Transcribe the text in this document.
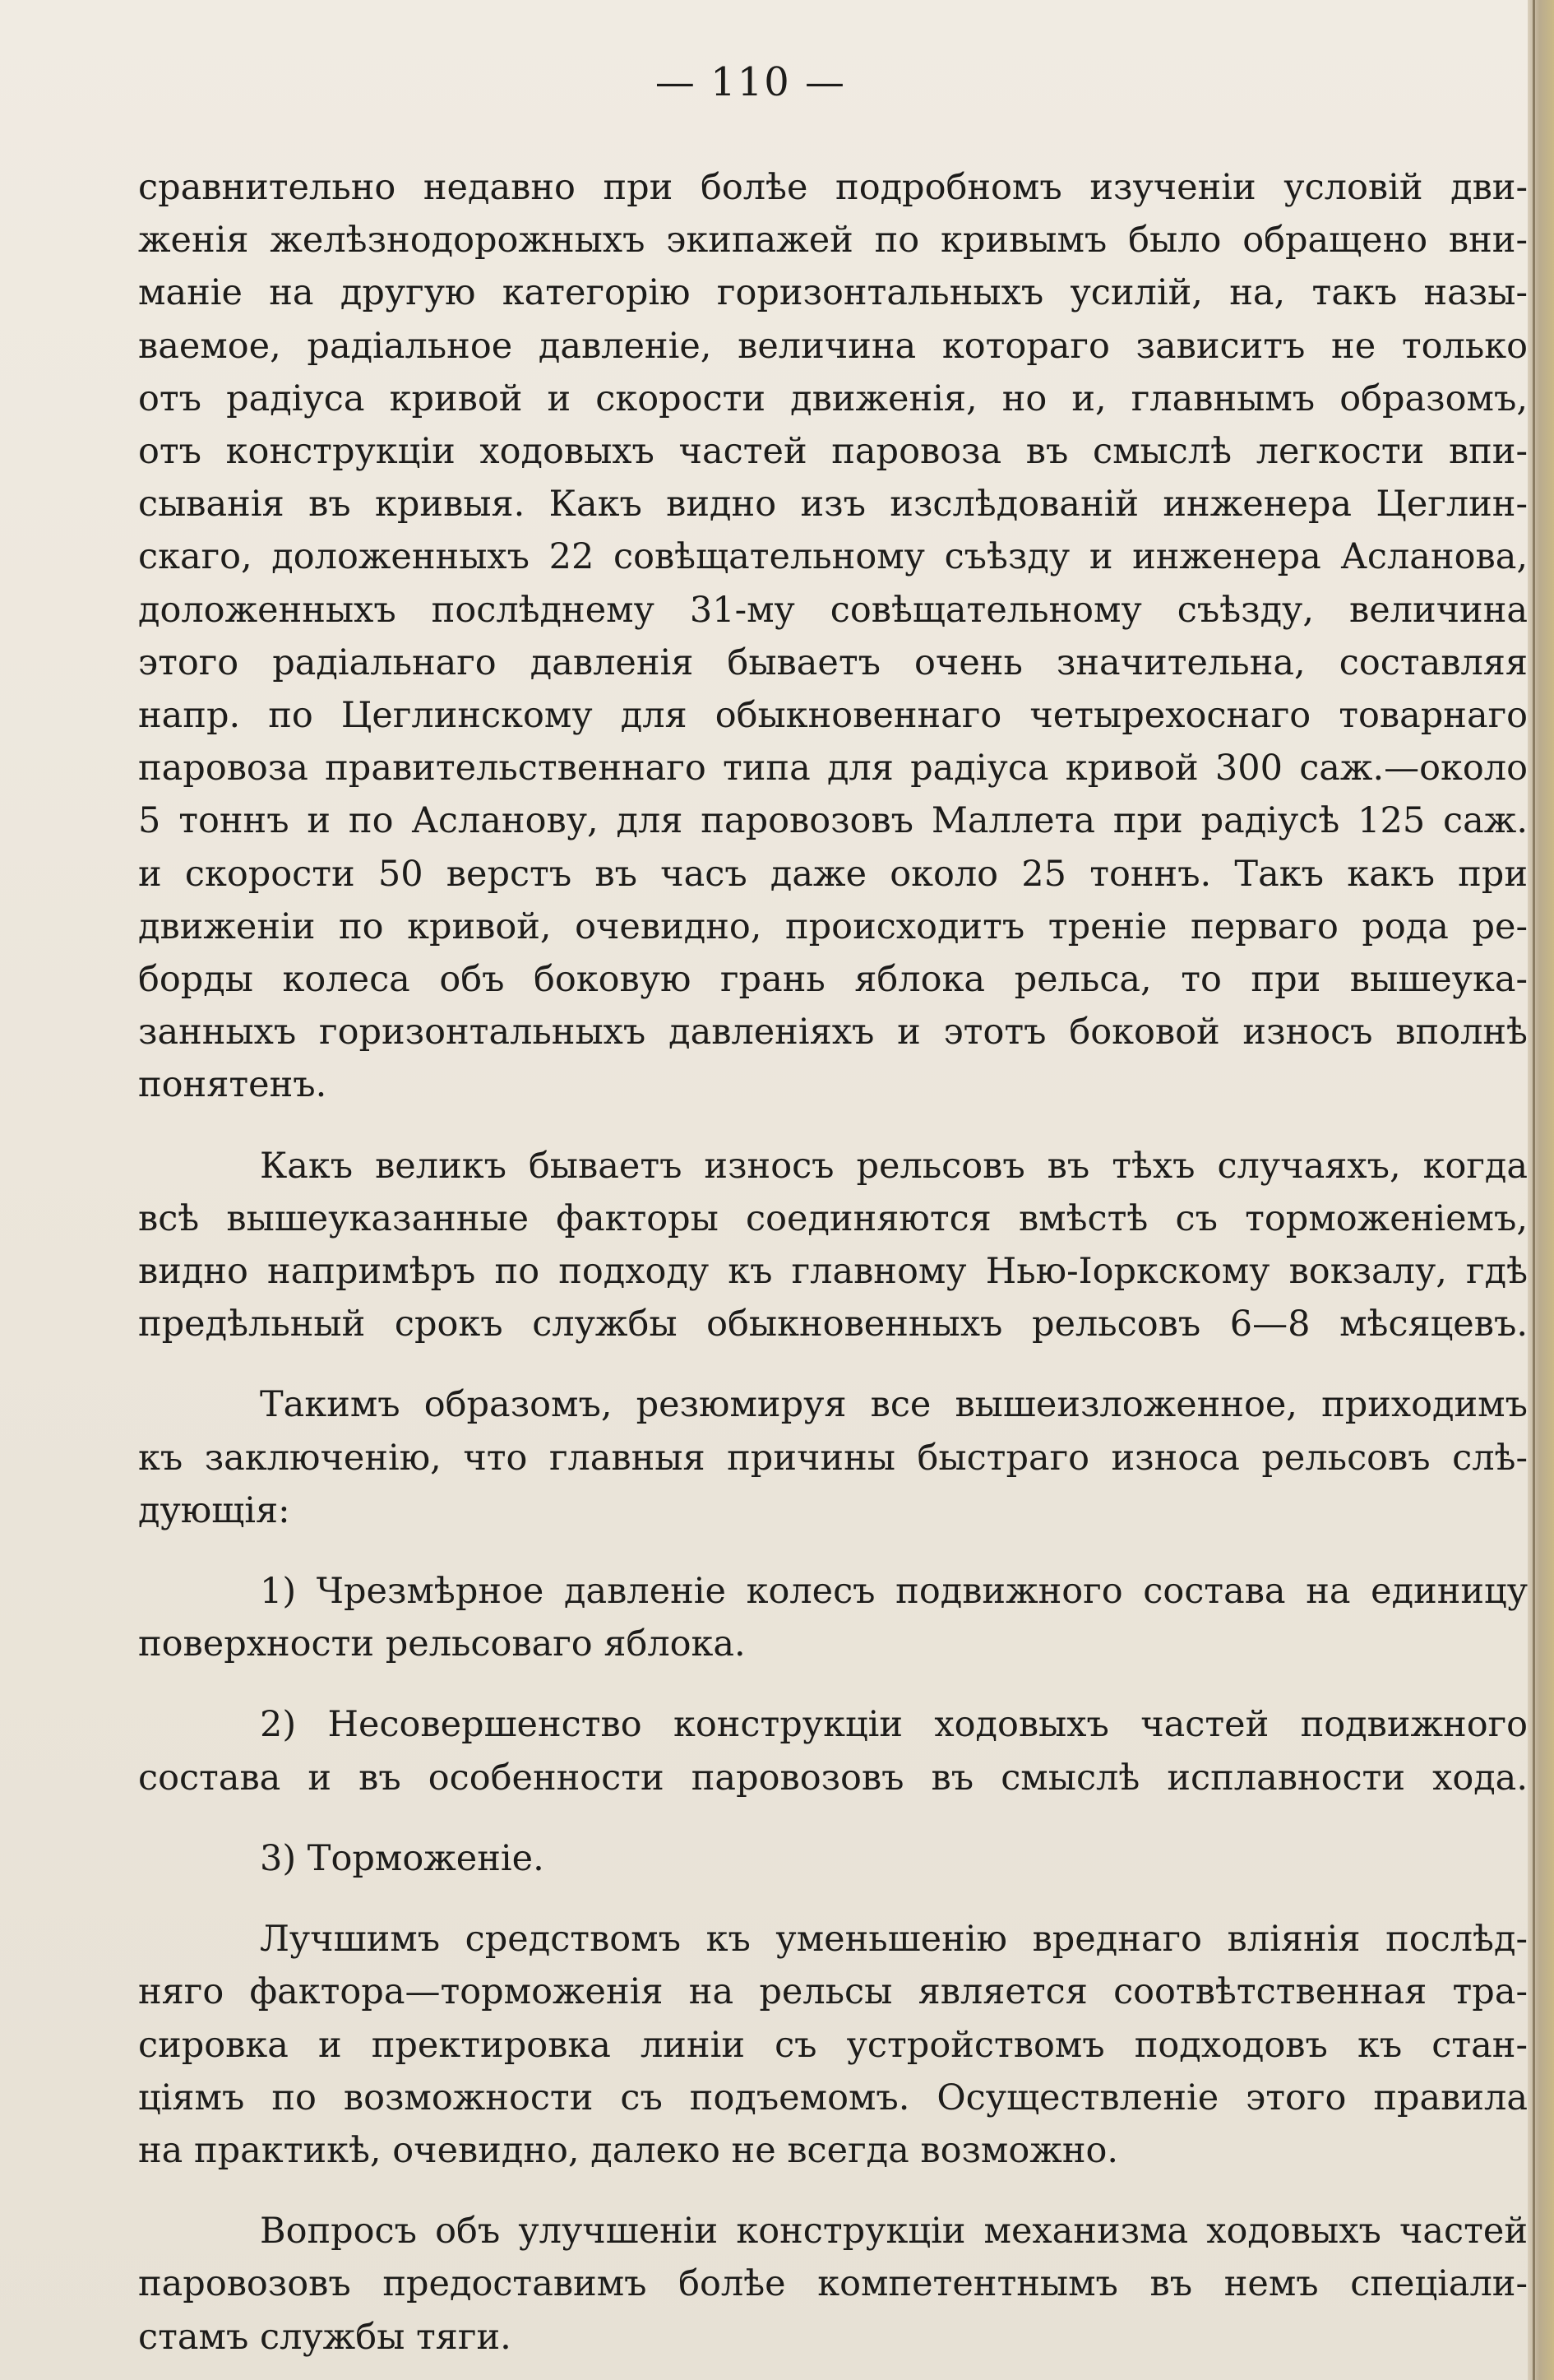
— 110 —
сравнительно недавно при болѣе подробномъ изученіи условій дви-
женія желѣзнодорожныхъ экипажей по кривымъ было обращено вни-
маніе на другую категорію горизонтальныхъ усилій, на, такъ назы-
ваемое, радіальное давленіе, величина котораго зависитъ не только
отъ радіуса кривой и скорости движенія, но и, главнымъ образомъ,
отъ конструкціи ходовыхъ частей паровоза въ смыслѣ легкости впи-
сыванія въ кривыя. Какъ видно изъ изслѣдованій инженера Цеглин-
скаго, доложенныхъ 22 совѣщательному съѣзду и инженера Асланова,
доложенныхъ послѣднему 31-му совѣщательному съѣзду, величина
этого радіальнаго давленія бываетъ очень значительна, составляя
напр. по Цеглинскому для обыкновеннаго четырехоснаго товарнаго
паровоза правительственнаго типа для радіуса кривой 300 саж.—около
5 тоннъ и по Асланову, для паровозовъ Маллета при радіусѣ 125 саж.
и скорости 50 верстъ въ часъ даже около 25 тоннъ. Такъ какъ при
движеніи по кривой, очевидно, происходитъ треніе перваго рода ре-
борды колеса объ боковую грань яблока рельса, то при вышеука-
занныхъ горизонтальныхъ давленіяхъ и этотъ боковой износъ вполнѣ
понятенъ.
Какъ великъ бываетъ износъ рельсовъ въ тѣхъ случаяхъ, когда
всѣ вышеуказанные факторы соединяются вмѣстѣ съ торможеніемъ,
видно напримѣръ по подходу къ главному Нью-Іоркскому вокзалу, гдѣ
предѣльный срокъ службы обыкновенныхъ рельсовъ 6—8 мѣсяцевъ.
Такимъ образомъ, резюмируя все вышеизложенное, приходимъ
къ заключенію, что главныя причины быстраго износа рельсовъ слѣ-
дующія:
1) Чрезмѣрное давленіе колесъ подвижного состава на единицу
поверхности рельсоваго яблока.
2) Несовершенство конструкціи ходовыхъ частей подвижного
состава и въ особенности паровозовъ въ смыслѣ исплавности хода.
3) Торможеніе.
Лучшимъ средствомъ къ уменьшенію вреднаго вліянія послѣд-
няго фактора—торможенія на рельсы является соотвѣтственная тра-
сировка и пректировка линіи съ устройствомъ подходовъ къ стан-
ціямъ по возможности съ подъемомъ. Осуществленіе этого правила
на практикѣ, очевидно, далеко не всегда возможно.
Вопросъ объ улучшеніи конструкціи механизма ходовыхъ частей
паровозовъ предоставимъ болѣе компетентнымъ въ немъ спеціали-
стамъ службы тяги.
